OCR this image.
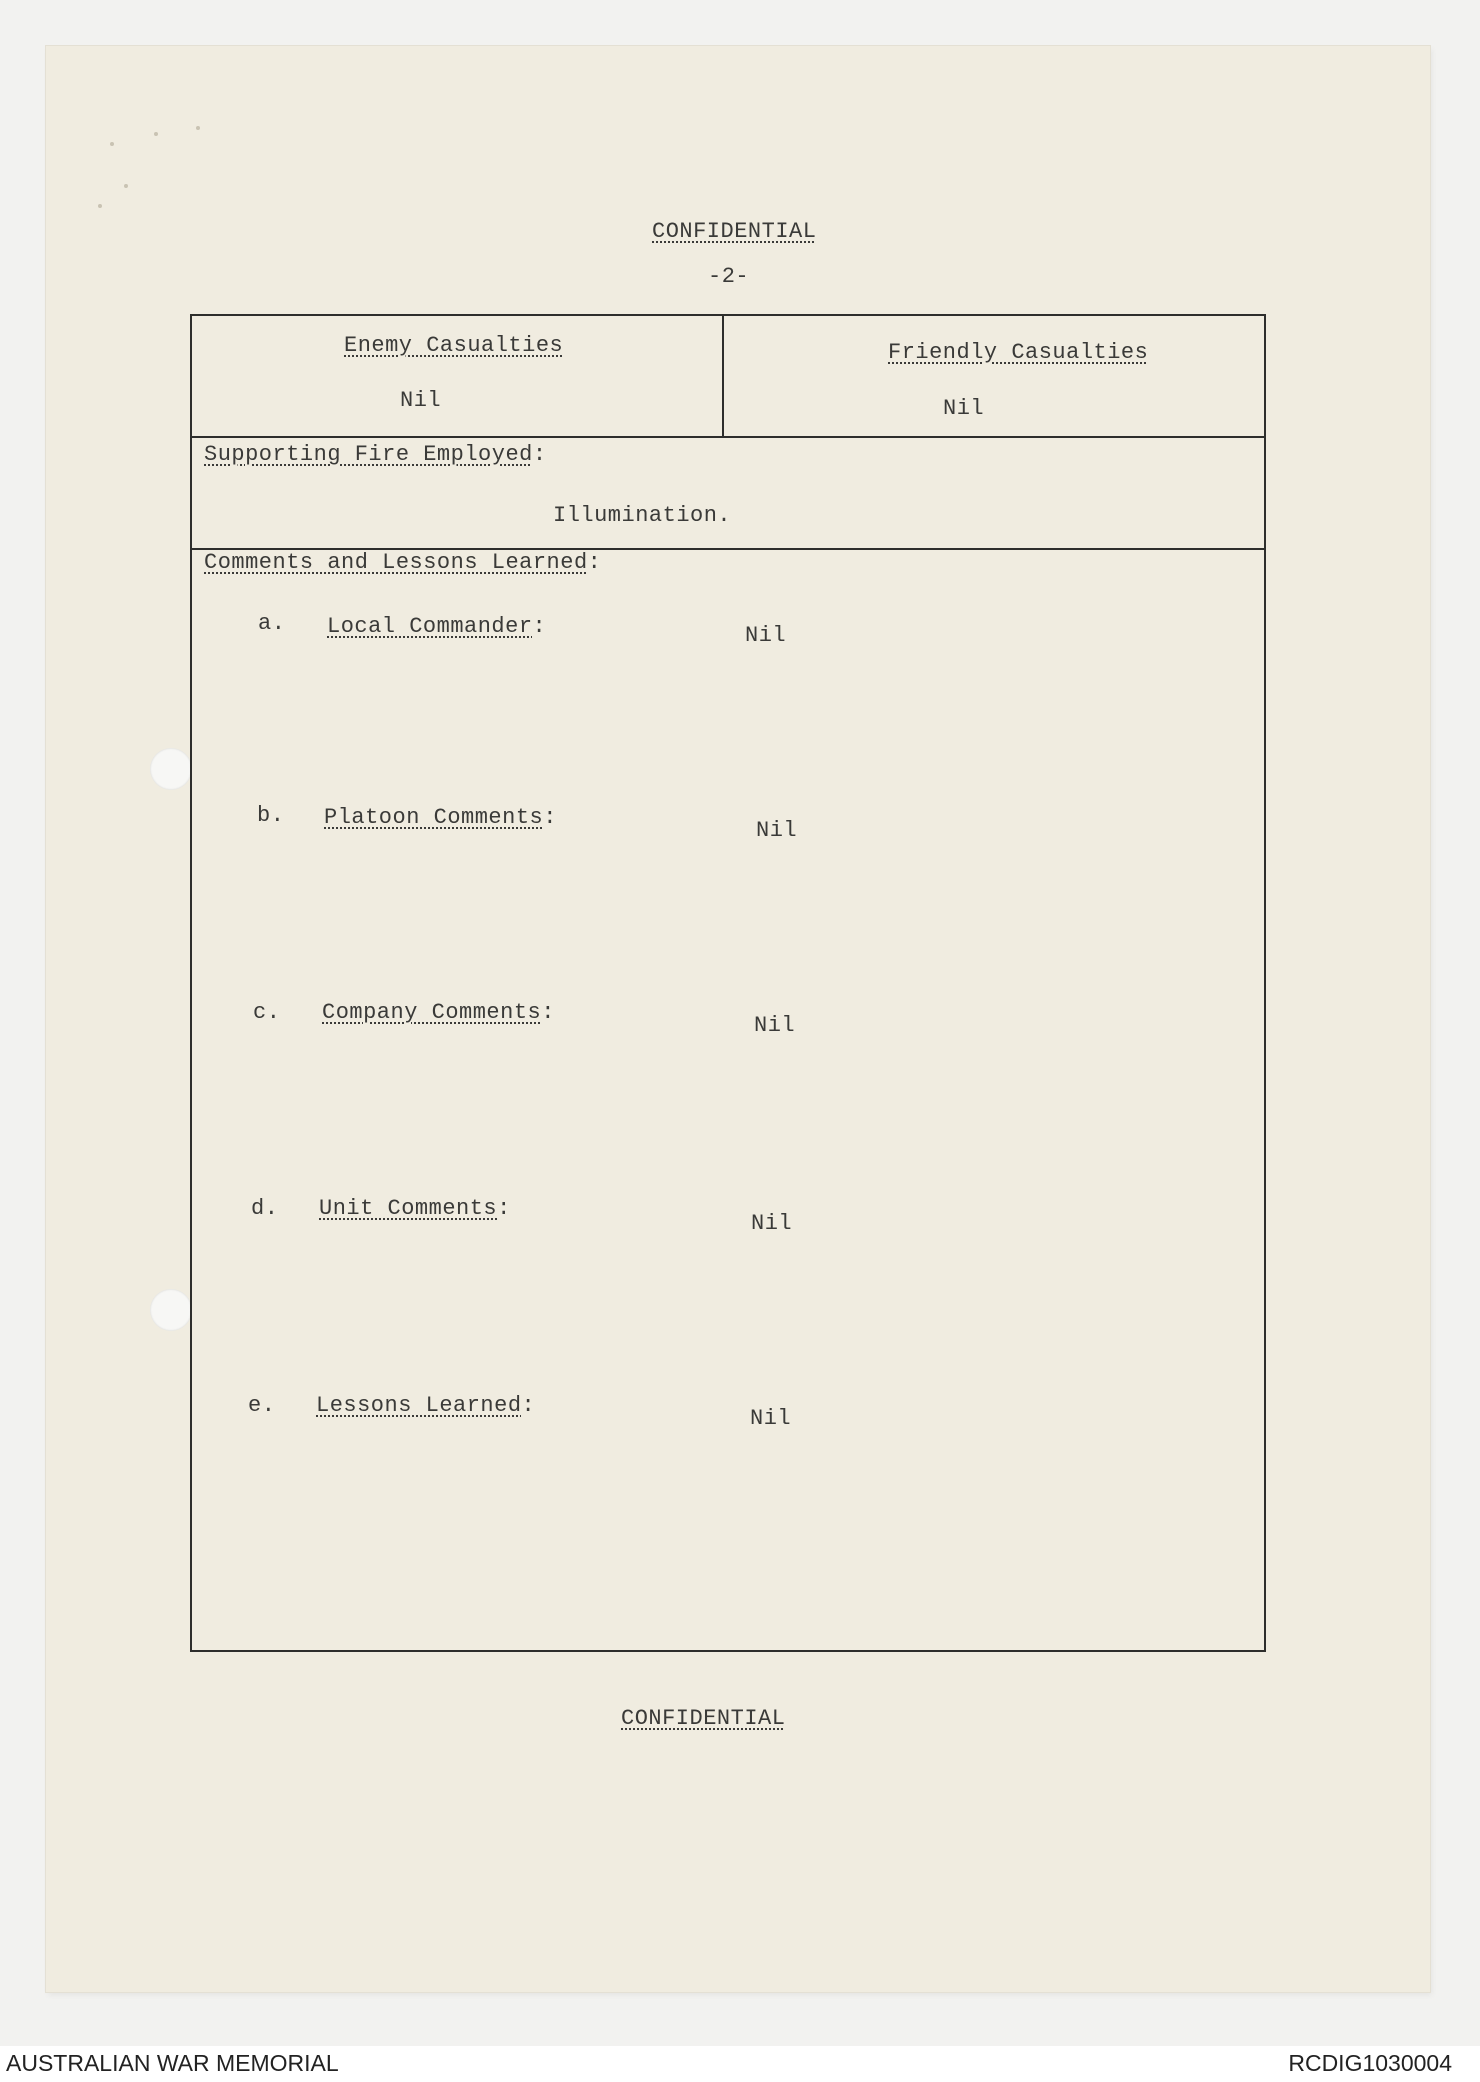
CONFIDENTIAL
-2-
Enemy Casualties
Nil
Friendly Casualties
Nil
Supporting Fire Employed:
Illumination.
Comments and Lessons Learned:
a. Local Commander:	Nil
b. Platoon Comments:
Nil
c. Company Comments:
Nil
d. Unit Comments:
Nil
e. Lessons Learned:
Nil
CONFIDENTIAL
AUSTRALIAN WAR MEMORIAL	RCDIG1030004
